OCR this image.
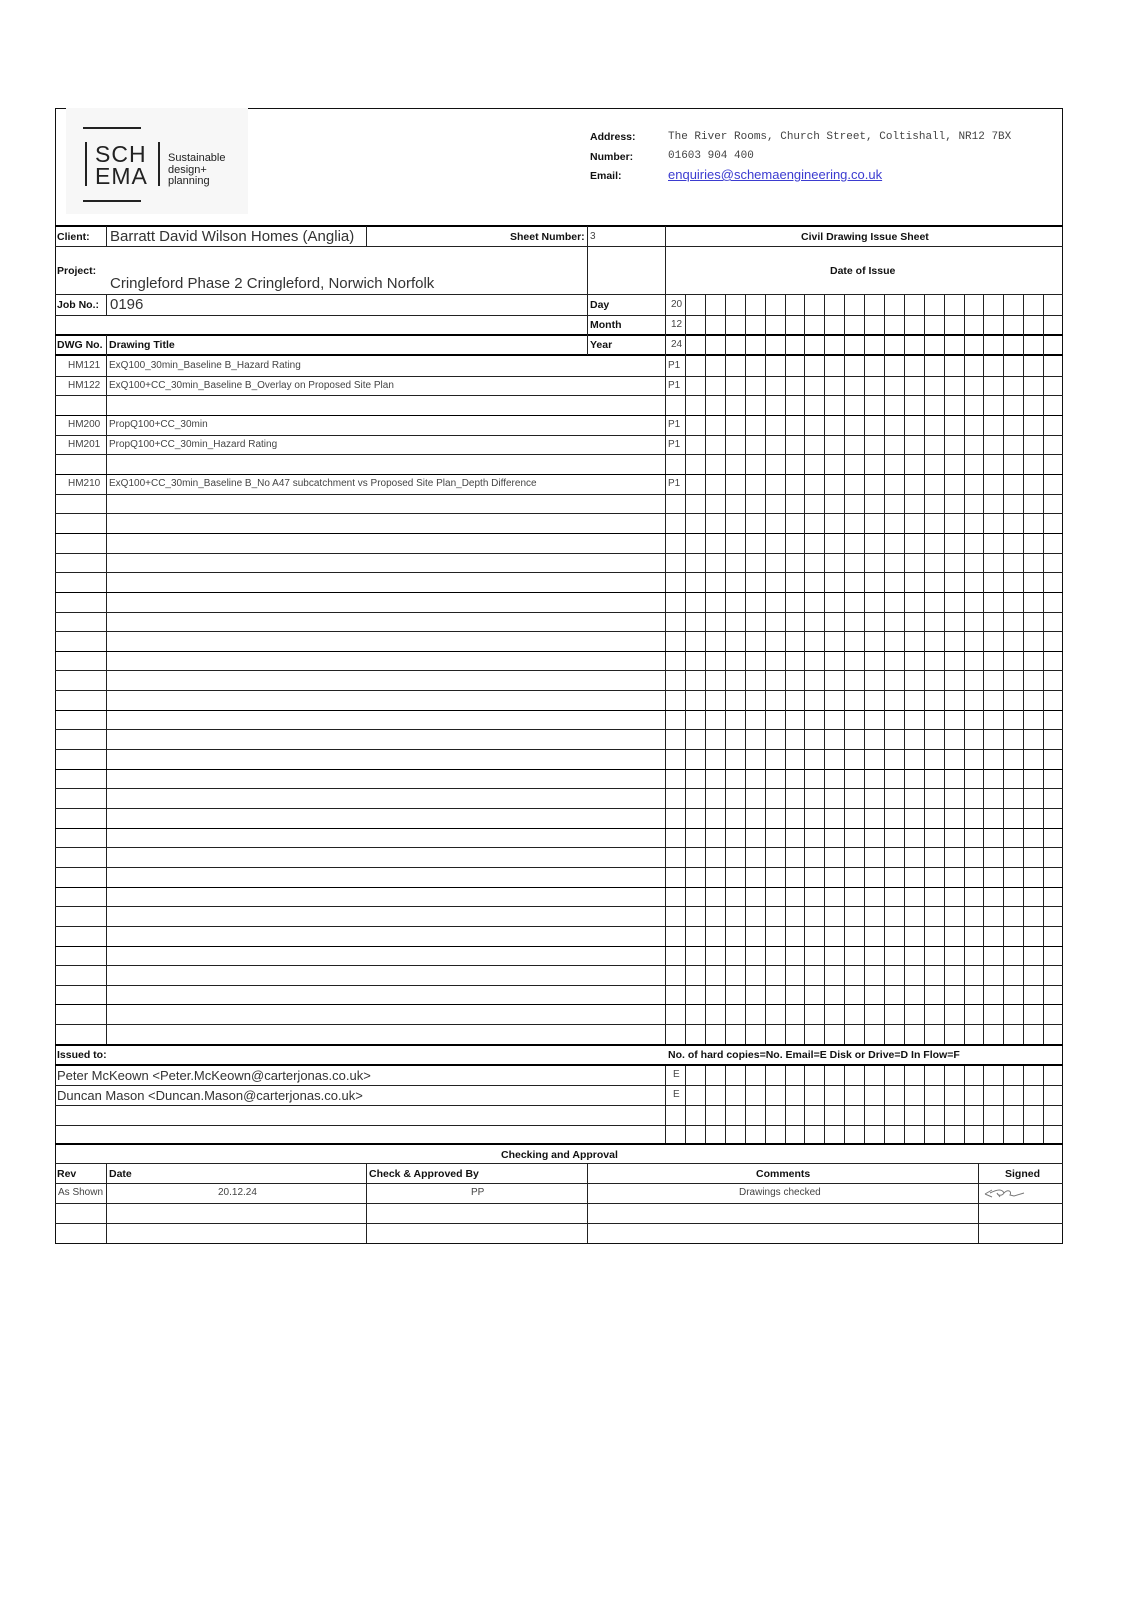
SCH
EMA
Sustainable
design+
planning
Address:	The River Rooms, Church Street, Coltishall, NR12 7BX
Number:	01603 904 400
Email:	enquiries@schemaengineering.co.uk
Client: Barratt David Wilson Homes (Anglia)	Sheet Number: 3	Civil Drawing Issue Sheet
Project:
Cringleford Phase 2 Cringleford, Norwich Norfolk
Date of Issue
Job No.: 0196	Day	20
Month	12
Year	24
DWG No. Drawing Title
HM121 ExQ100_30min_Baseline B_Hazard Rating	P1
HM122 ExQ100+CC_30min_Baseline B_Overlay on Proposed Site Plan	P1
HM200 PropQ100+CC_30min	P1
HM201 PropQ100+CC_30min_Hazard Rating	P1
HM210 ExQ100+CC_30min_Baseline B_No A47 subcatchment vs Proposed Site Plan_Depth Difference	P1
Issued to:	No. of hard copies=No. Email=E Disk or Drive=D In Flow=F
Peter McKeown <Peter.McKeown@carterjonas.co.uk>	E
Duncan Mason <Duncan.Mason@carterjonas.co.uk>	E
Checking and Approval
Rev	Date	Check & Approved By	Comments	Signed
As Shown	20.12.24	PP	Drawings checked
